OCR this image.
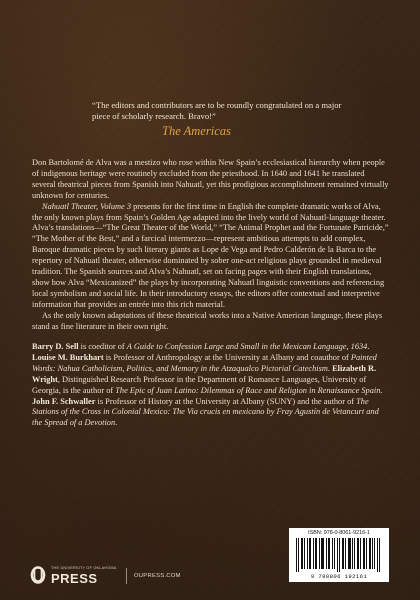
“The editors and contributors are to be roundly congratulated on a major piece of scholarly research. Bravo!”
The Americas

Don Bartolomé de Alva was a mestizo who rose within New Spain’s ecclesiastical hierarchy when people of indigenous heritage were routinely excluded from the priesthood. In 1640 and 1641 he translated several theatrical pieces from Spanish into Nahuatl, yet this prodigious accomplishment remained virtually unknown for centuries.

Nahuatl Theater, Volume 3 presents for the first time in English the complete dramatic works of Alva, the only known plays from Spain’s Golden Age adapted into the lively world of Nahuatl-language theater. Alva’s translations—“The Great Theater of the World,” “The Animal Prophet and the Fortunate Patricide,” “The Mother of the Best,” and a farcical intermezzo—represent ambitious attempts to add complex, Baroque dramatic pieces by such literary giants as Lope de Vega and Pedro Calderón de la Barca to the repertory of Nahuatl theater, otherwise dominated by sober one-act religious plays grounded in medieval tradition. The Spanish sources and Alva’s Nahuatl, set on facing pages with their English translations, show how Alva “Mexicanized” the plays by incorporating Nahuatl linguistic conventions and referencing local symbolism and social life. In their introductory essays, the editors offer contextual and interpretive information that provides an entrée into this rich material.

As the only known adaptations of these theatrical works into a Native American language, these plays stand as fine literature in their own right.

Barry D. Sell is coeditor of A Guide to Confession Large and Small in the Mexican Language, 1634. Louise M. Burkhart is Professor of Anthropology at the University at Albany and coauthor of Painted Words: Nahua Catholicism, Politics, and Memory in the Atzaqualco Pictorial Catechism. Elizabeth R. Wright, Distinguished Research Professor in the Department of Romance Languages, University of Georgia, is the author of The Epic of Juan Latino: Dilemmas of Race and Religion in Renaissance Spain. John F. Schwaller is Professor of History at the University at Albany (SUNY) and the author of The Stations of the Cross in Colonial Mexico: The Via crucis en mexicano by Fray Agustín de Vetancurt and the Spread of a Devotion.
THE UNIVERSITY OF OKLAHOMA
PRESS	OUPRESS.COM
ISBN: 978-0-8061-9216-1
9 780806 192161
